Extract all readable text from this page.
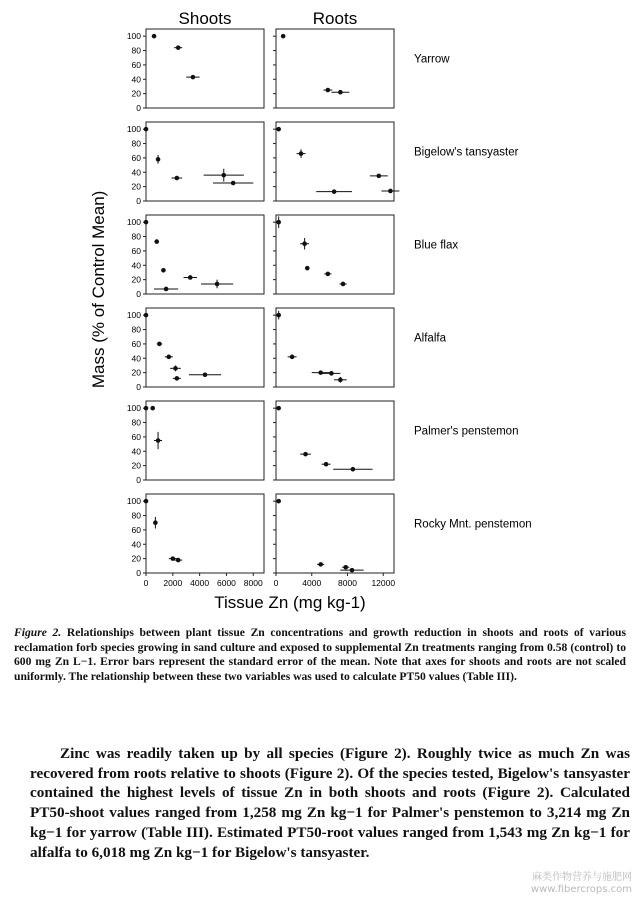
Shoots	Roots
Mass (% of Control Mean)
0
20
40
60
80
100
Yarrow
0
20
40
60
80
100
Bigelow's tansyaster
0
20
40
60
80
100
Blue flax
0
20
40
60
80
100
Alfalfa
0
20
40
60
80
100
Palmer's penstemon
0
20
40
60
80
100
0 2000 4000 6000 8000 0	4000 8000 12000
Rocky Mnt. penstemon
Tissue Zn (mg kg-1)
Figure 2. Relationships between plant tissue Zn concentrations and growth reduction in shoots and roots of various reclamation forb species growing in sand culture and exposed to supplemental Zn treatments ranging from 0.58 (control) to 600 mg Zn L−1. Error bars represent the standard error of the mean. Note that axes for shoots and roots are not scaled uniformly. The relationship between these two variables was used to calculate PT50 values (Table III).
Zinc was readily taken up by all species (Figure 2). Roughly twice as much Zn was recovered from roots relative to shoots (Figure 2). Of the species tested, Bigelow's tansyaster contained the highest levels of tissue Zn in both shoots and roots (Figure 2). Calculated PT50-shoot values ranged from 1,258 mg Zn kg−1 for Palmer's penstemon to 3,214 mg Zn kg−1 for yarrow (Table III). Estimated PT50-root values ranged from 1,543 mg Zn kg−1 for alfalfa to 6,018 mg Zn kg−1 for Bigelow's tansyaster.
麻类作物营养与施肥网
www.fibercrops.com
